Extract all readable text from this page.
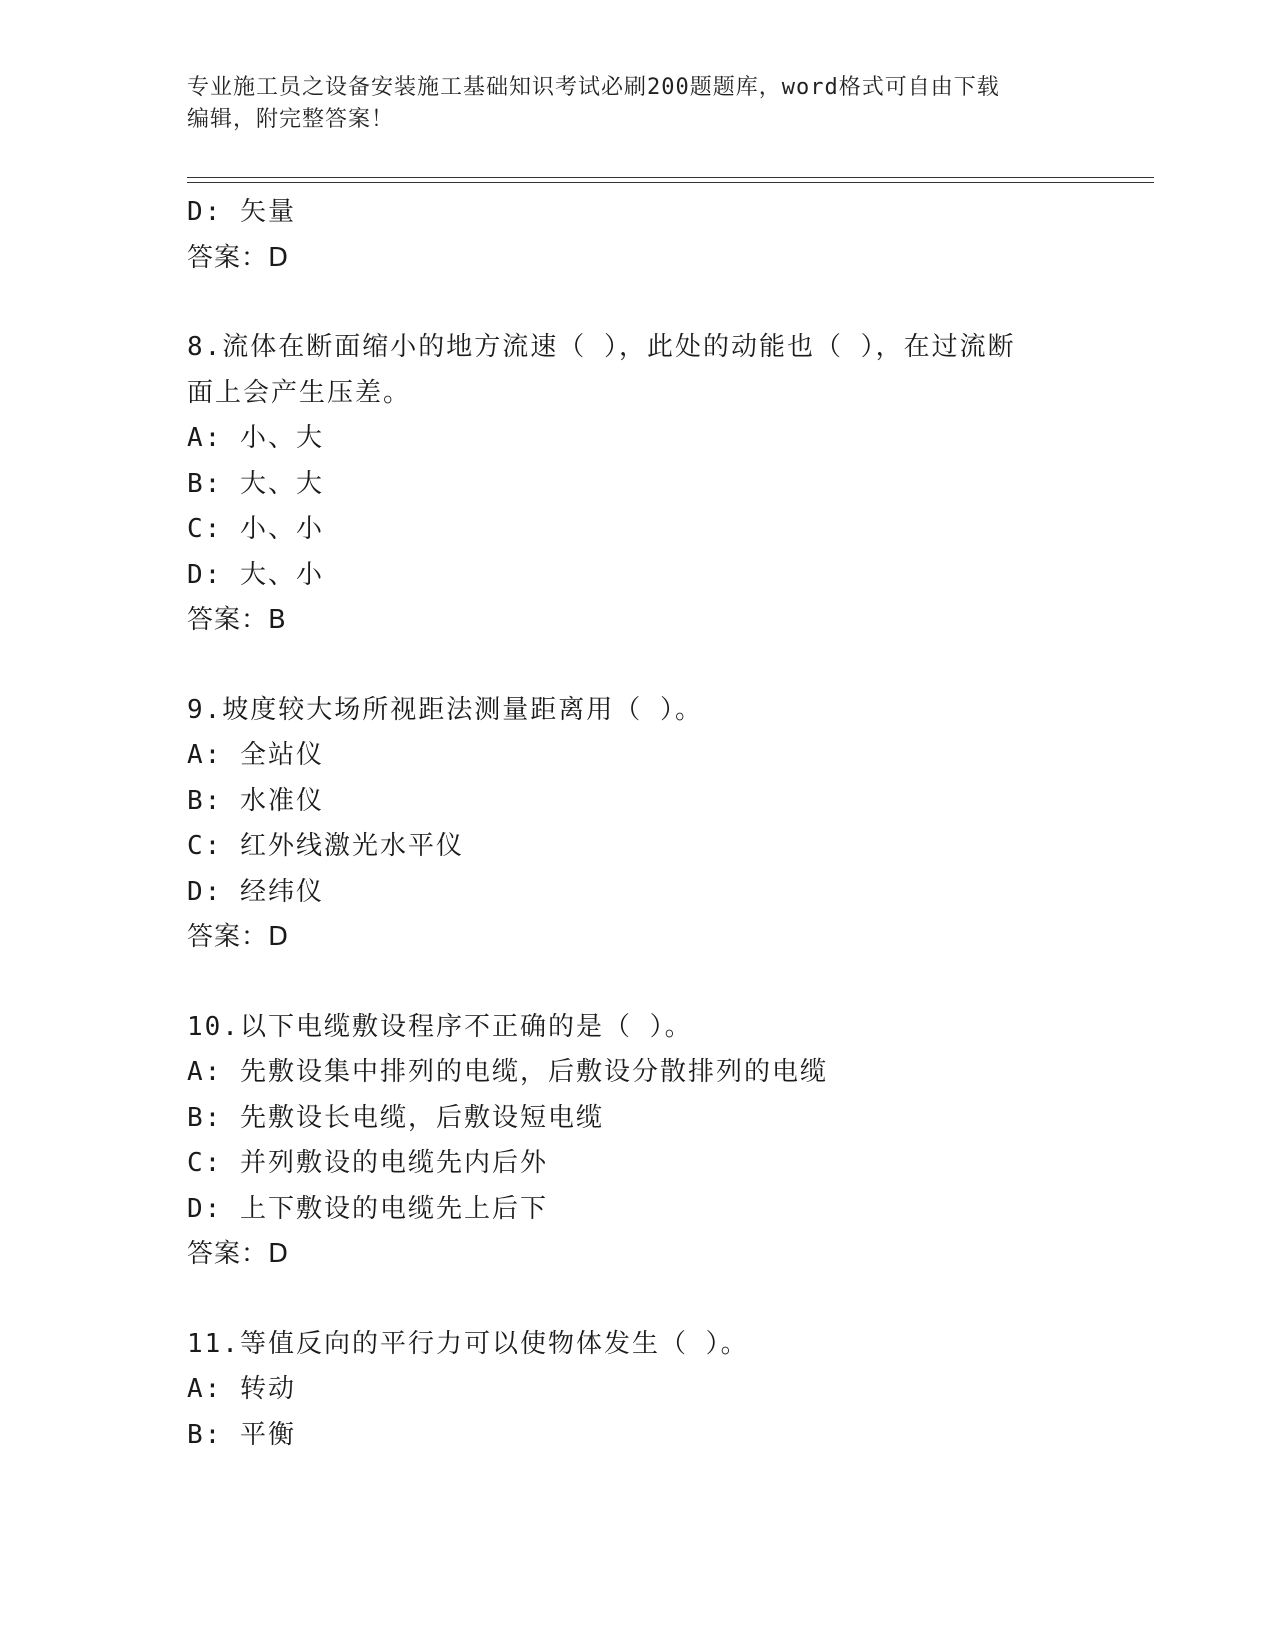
专业施工员之设备安装施工基础知识考试必刷200题题库，word格式可自由下载
编辑，附完整答案！
D: 矢量
答案：D
8.流体在断面缩小的地方流速（ ），此处的动能也（ ），在过流断
面上会产生压差。
A: 小、大
B: 大、大
C: 小、小
D: 大、小
答案：B
9.坡度较大场所视距法测量距离用（ ）。
A: 全站仪
B: 水准仪
C: 红外线激光水平仪
D: 经纬仪
答案：D
10.以下电缆敷设程序不正确的是（ ）。
A: 先敷设集中排列的电缆，后敷设分散排列的电缆
B: 先敷设长电缆，后敷设短电缆
C: 并列敷设的电缆先内后外
D: 上下敷设的电缆先上后下
答案：D
11.等值反向的平行力可以使物体发生（ ）。
A: 转动
B: 平衡
